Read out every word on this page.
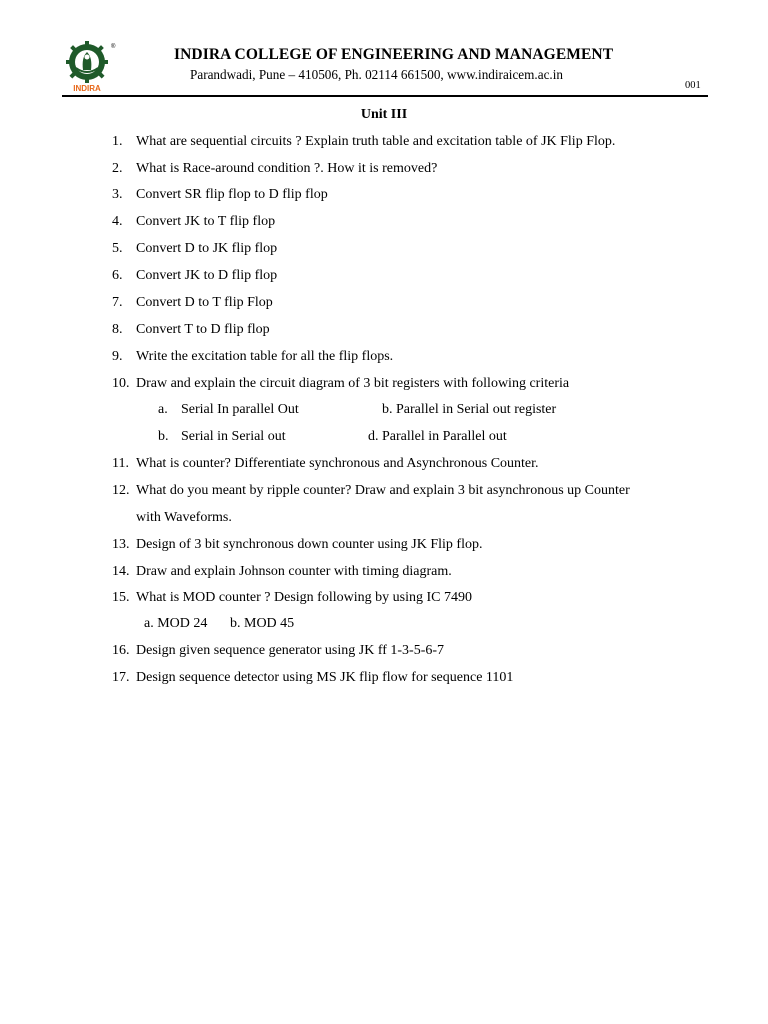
INDIRA
®	INDIRA COLLEGE OF ENGINEERING AND MANAGEMENT
Parandwadi, Pune – 410506, Ph. 02114 661500, www.indiraicem.ac.in
001
Unit III
1. What are sequential circuits ? Explain truth table and excitation table of JK Flip Flop.
2. What is Race-around condition ?. How it is removed?
3. Convert SR flip flop to D flip flop
4. Convert JK to T flip flop
5. Convert D to JK flip flop
6. Convert JK to D flip flop
7. Convert D to T flip Flop
8. Convert T to D flip flop
9. Write the excitation table for all the flip flops.
10. Draw and explain the circuit diagram of 3 bit registers with following criteria
a. Serial In parallel Out	b. Parallel in Serial out register
b. Serial in Serial out	d. Parallel in Parallel out
11. What is counter? Differentiate synchronous and Asynchronous Counter.
12. What do you meant by ripple counter? Draw and explain 3 bit asynchronous up Counter
with Waveforms.
13. Design of 3 bit synchronous down counter using JK Flip flop.
14. Draw and explain Johnson counter with timing diagram.
15. What is MOD counter ? Design following by using IC 7490
a. MOD 24 b. MOD 45
16. Design given sequence generator using JK ff 1-3-5-6-7
17. Design sequence detector using MS JK flip flow for sequence 1101
